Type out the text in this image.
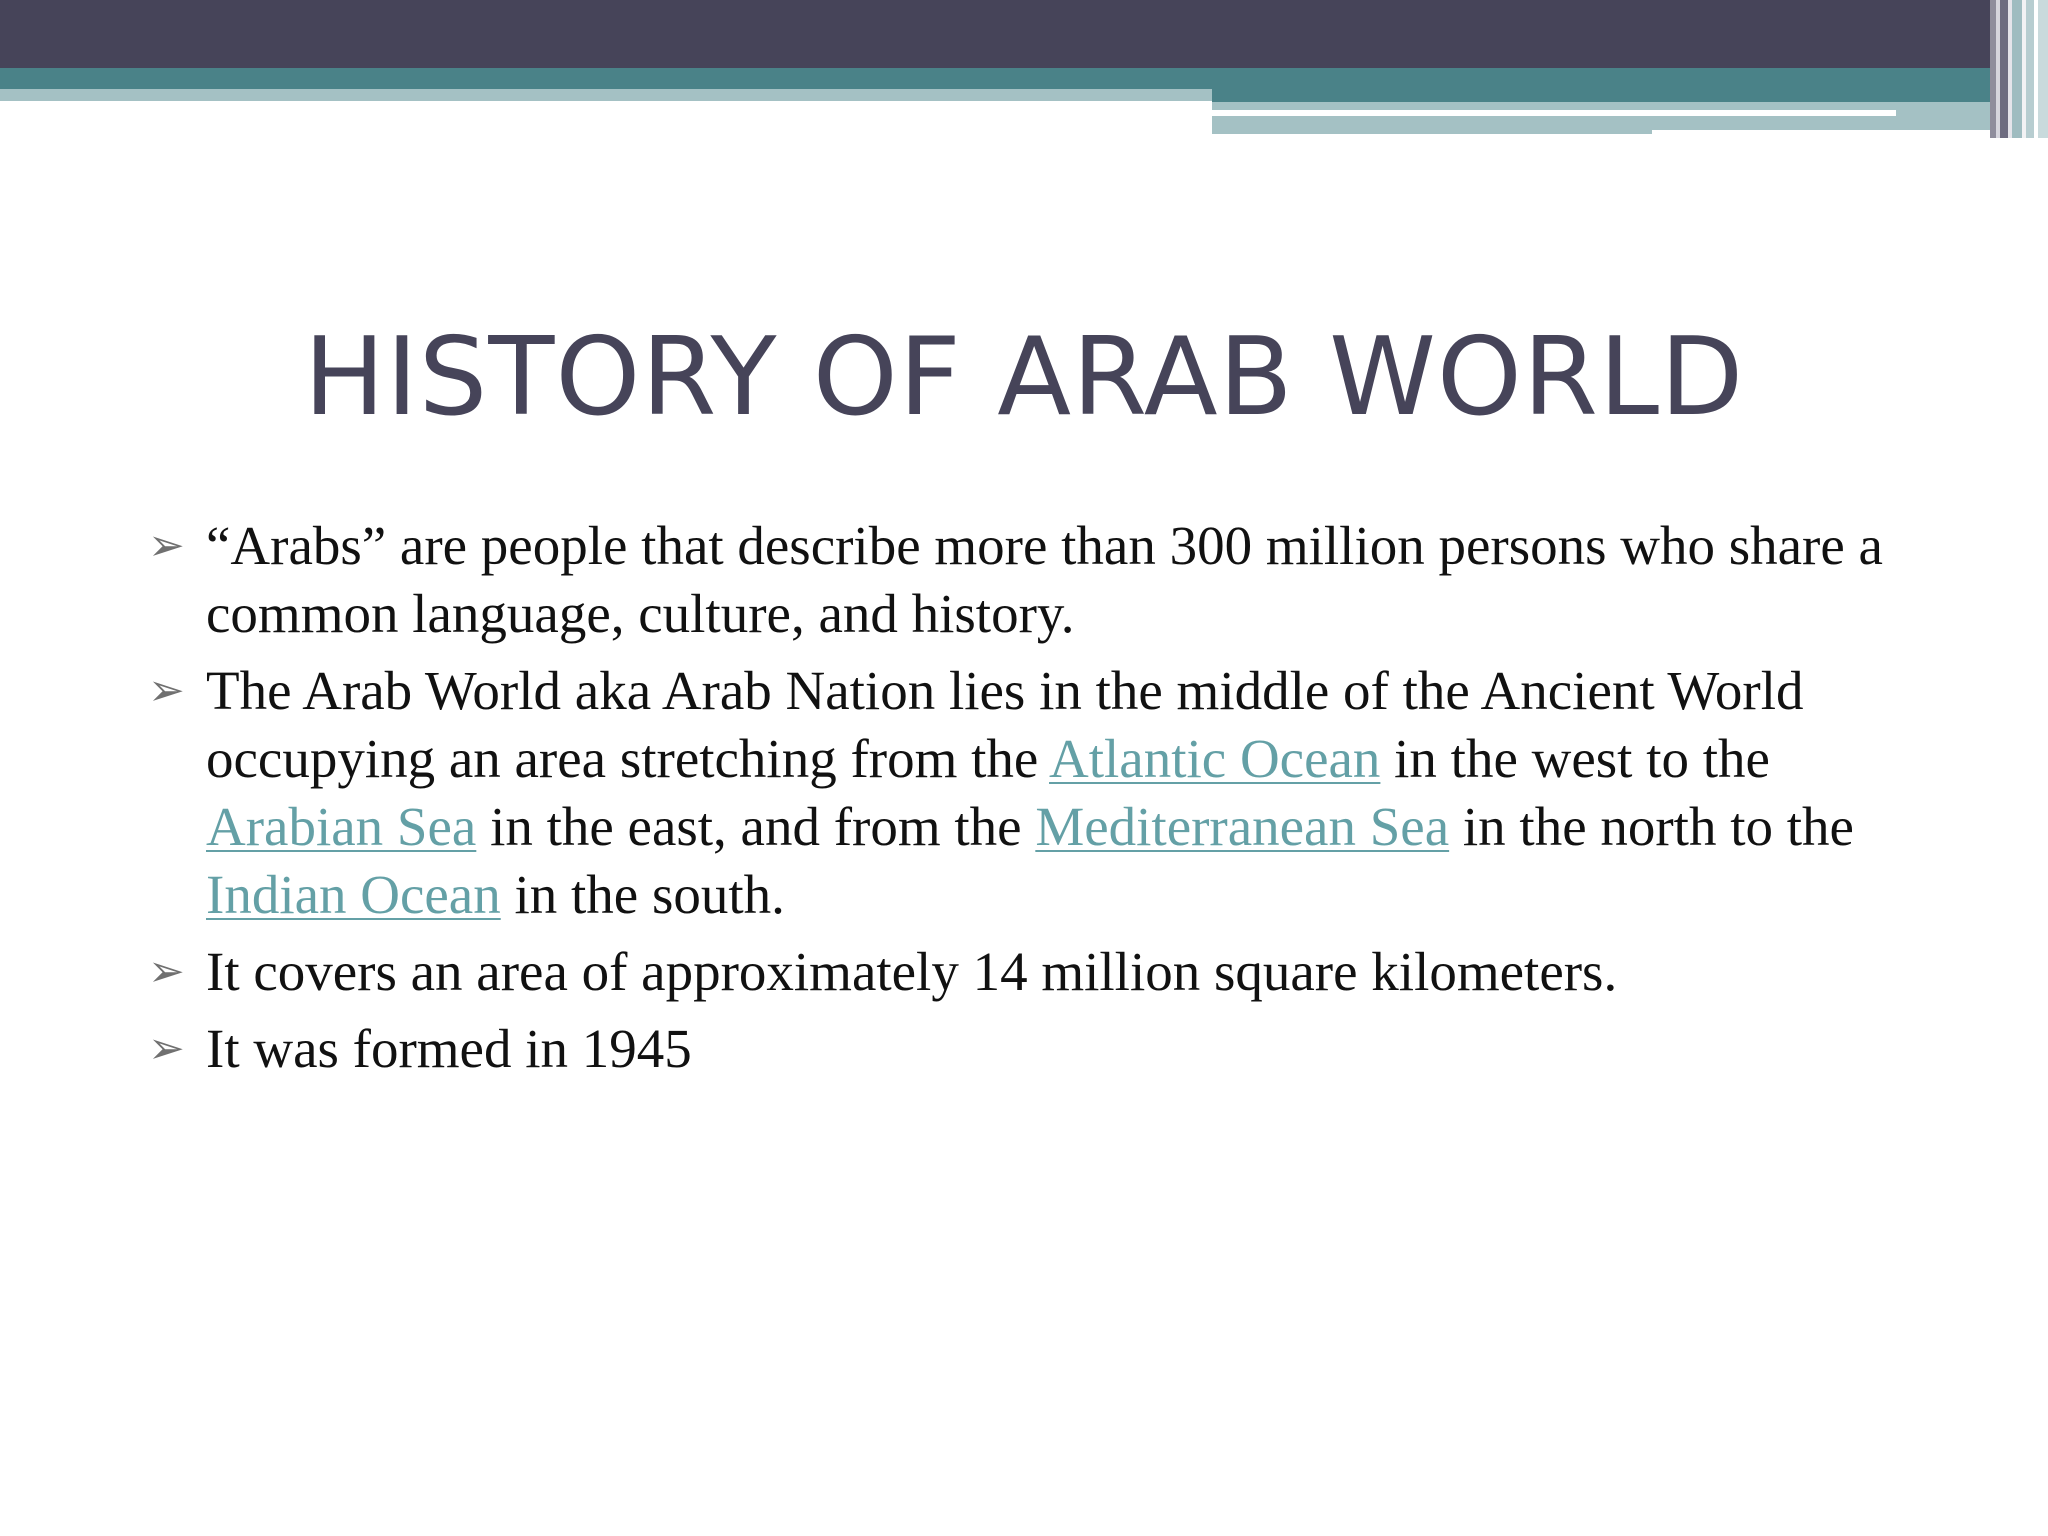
HISTORY OF ARAB WORLD
➢ “Arabs” are people that describe more than 300 million persons who share a common language, culture, and history.
➢ The Arab World aka Arab Nation lies in the middle of the Ancient World occupying an area stretching from the Atlantic Ocean in the west to the Arabian Sea in the east, and from the Mediterranean Sea in the north to the Indian Ocean in the south.
➢ It covers an area of approximately 14 million square kilometers.
➢ It was formed in 1945
